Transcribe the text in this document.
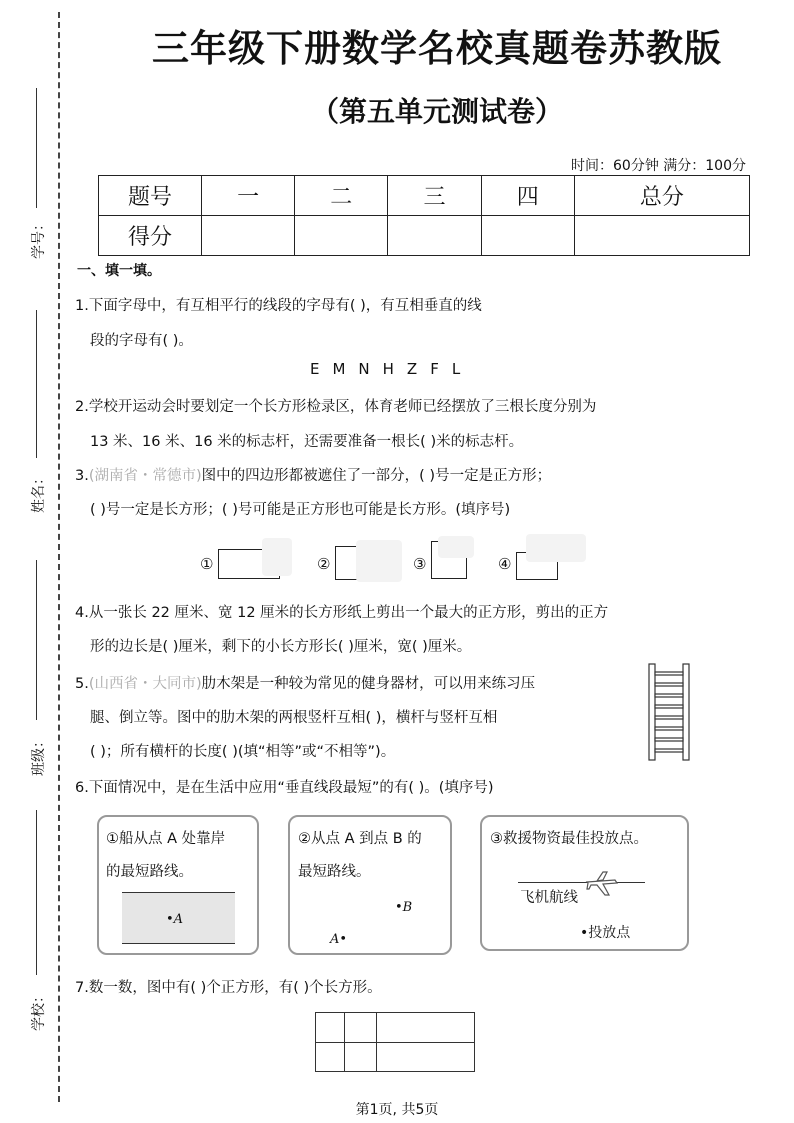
学号：
姓名：
班级：
学校：
三年级下册数学名校真题卷苏教版
（第五单元测试卷）
时间：60分钟 满分：100分
题号	一	二	三	四	总分
得分					
一、填一填。
1.下面字母中，有互相平行的线段的字母有( )，有互相垂直的线
段的字母有( )。
EMNHZFL
2.学校开运动会时要划定一个长方形检录区，体育老师已经摆放了三根长度分别为
13 米、16 米、16 米的标志杆，还需要准备一根长( )米的标志杆。
3.(湖南省・常德市)图中的四边形都被遮住了一部分，( )号一定是正方形；
( )号一定是长方形；( )号可能是正方形也可能是长方形。(填序号)
①	②	③	④
4.从一张长 22 厘米、宽 12 厘米的长方形纸上剪出一个最大的正方形，剪出的正方
形的边长是( )厘米，剩下的小长方形长( )厘米，宽( )厘米。
5.(山西省・大同市)肋木架是一种较为常见的健身器材，可以用来练习压
腿、倒立等。图中的肋木架的两根竖杆互相( )，横杆与竖杆互相
( )；所有横杆的长度( )(填“相等”或“不相等”)。
6.下面情况中，是在生活中应用“垂直线段最短”的有( )。(填序号)
①船从点 A 处靠岸
的最短路线。
•A
②从点 A 到点 B 的
最短路线。
•B
A•
③救援物资最佳投放点。
飞机航线
•投放点
7.数一数，图中有( )个正方形，有( )个长方形。
第1页, 共5页
